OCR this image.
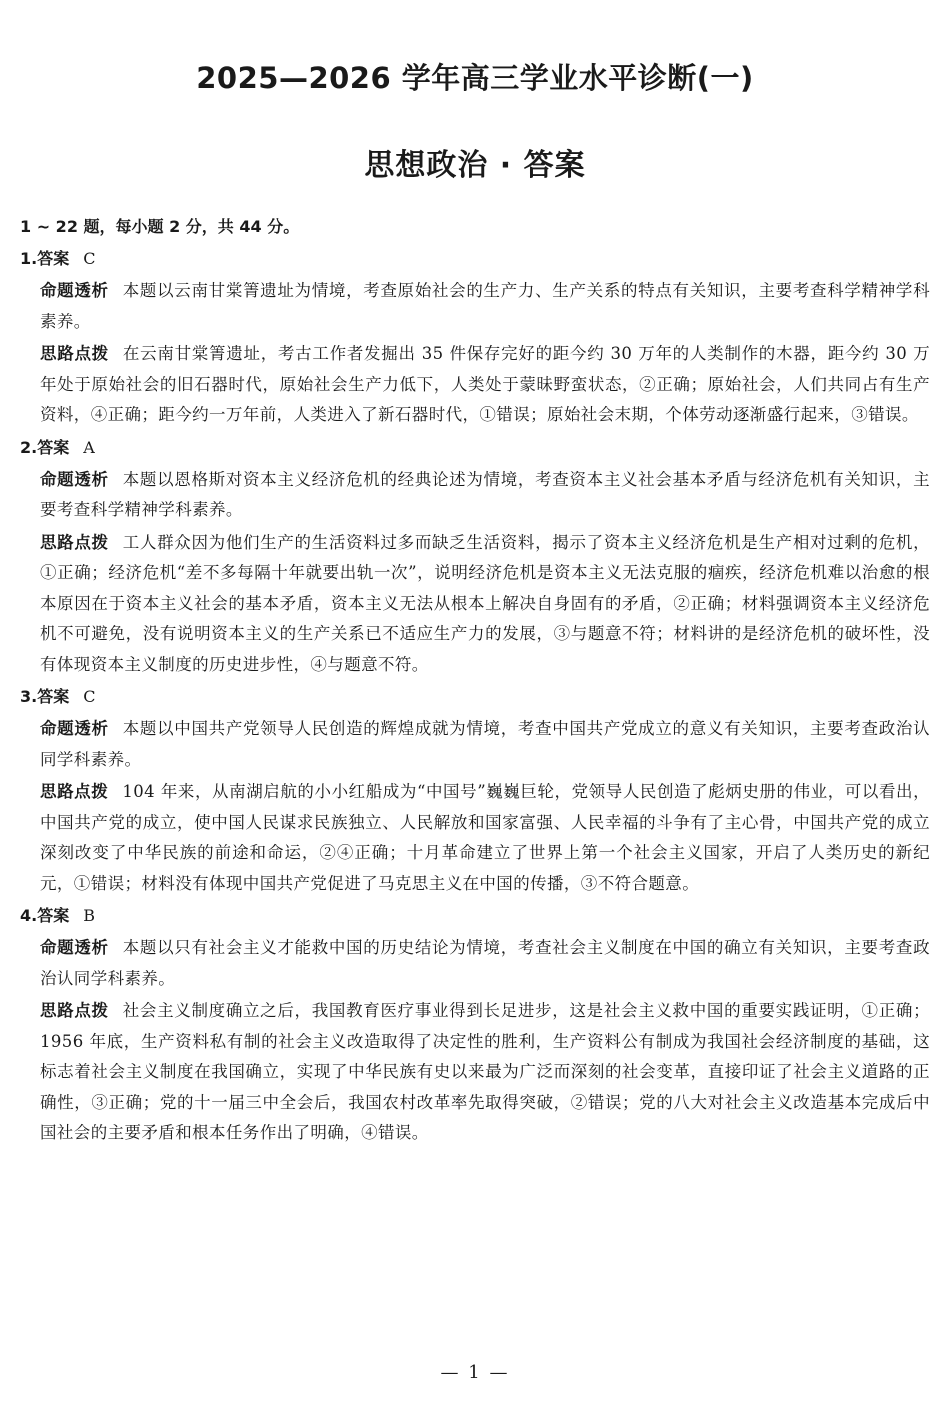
2025—2026 学年高三学业水平诊断(一)
思想政治 · 答案
1 ~ 22 题，每小题 2 分，共 44 分。
1.答案 C
命题透析 本题以云南甘棠箐遗址为情境，考查原始社会的生产力、生产关系的特点有关知识，主要考查科学精神学科素养。
思路点拨 在云南甘棠箐遗址，考古工作者发掘出 35 件保存完好的距今约 30 万年的人类制作的木器，距今约 30 万年处于原始社会的旧石器时代，原始社会生产力低下，人类处于蒙昧野蛮状态，②正确；原始社会，人们共同占有生产资料，④正确；距今约一万年前，人类进入了新石器时代，①错误；原始社会末期，个体劳动逐渐盛行起来，③错误。
2.答案 A
命题透析 本题以恩格斯对资本主义经济危机的经典论述为情境，考查资本主义社会基本矛盾与经济危机有关知识，主要考查科学精神学科素养。
思路点拨 工人群众因为他们生产的生活资料过多而缺乏生活资料，揭示了资本主义经济危机是生产相对过剩的危机，①正确；经济危机“差不多每隔十年就要出轨一次”，说明经济危机是资本主义无法克服的痼疾，经济危机难以治愈的根本原因在于资本主义社会的基本矛盾，资本主义无法从根本上解决自身固有的矛盾，②正确；材料强调资本主义经济危机不可避免，没有说明资本主义的生产关系已不适应生产力的发展，③与题意不符；材料讲的是经济危机的破坏性，没有体现资本主义制度的历史进步性，④与题意不符。
3.答案 C
命题透析 本题以中国共产党领导人民创造的辉煌成就为情境，考查中国共产党成立的意义有关知识，主要考查政治认同学科素养。
思路点拨 104 年来，从南湖启航的小小红船成为“中国号”巍巍巨轮，党领导人民创造了彪炳史册的伟业，可以看出，中国共产党的成立，使中国人民谋求民族独立、人民解放和国家富强、人民幸福的斗争有了主心骨，中国共产党的成立深刻改变了中华民族的前途和命运，②④正确；十月革命建立了世界上第一个社会主义国家，开启了人类历史的新纪元，①错误；材料没有体现中国共产党促进了马克思主义在中国的传播，③不符合题意。
4.答案 B
命题透析 本题以只有社会主义才能救中国的历史结论为情境，考查社会主义制度在中国的确立有关知识，主要考查政治认同学科素养。
思路点拨 社会主义制度确立之后，我国教育医疗事业得到长足进步，这是社会主义救中国的重要实践证明，①正确；1956 年底，生产资料私有制的社会主义改造取得了决定性的胜利，生产资料公有制成为我国社会经济制度的基础，这标志着社会主义制度在我国确立，实现了中华民族有史以来最为广泛而深刻的社会变革，直接印证了社会主义道路的正确性，③正确；党的十一届三中全会后，我国农村改革率先取得突破，②错误；党的八大对社会主义改造基本完成后中国社会的主要矛盾和根本任务作出了明确，④错误。
— 1 —
